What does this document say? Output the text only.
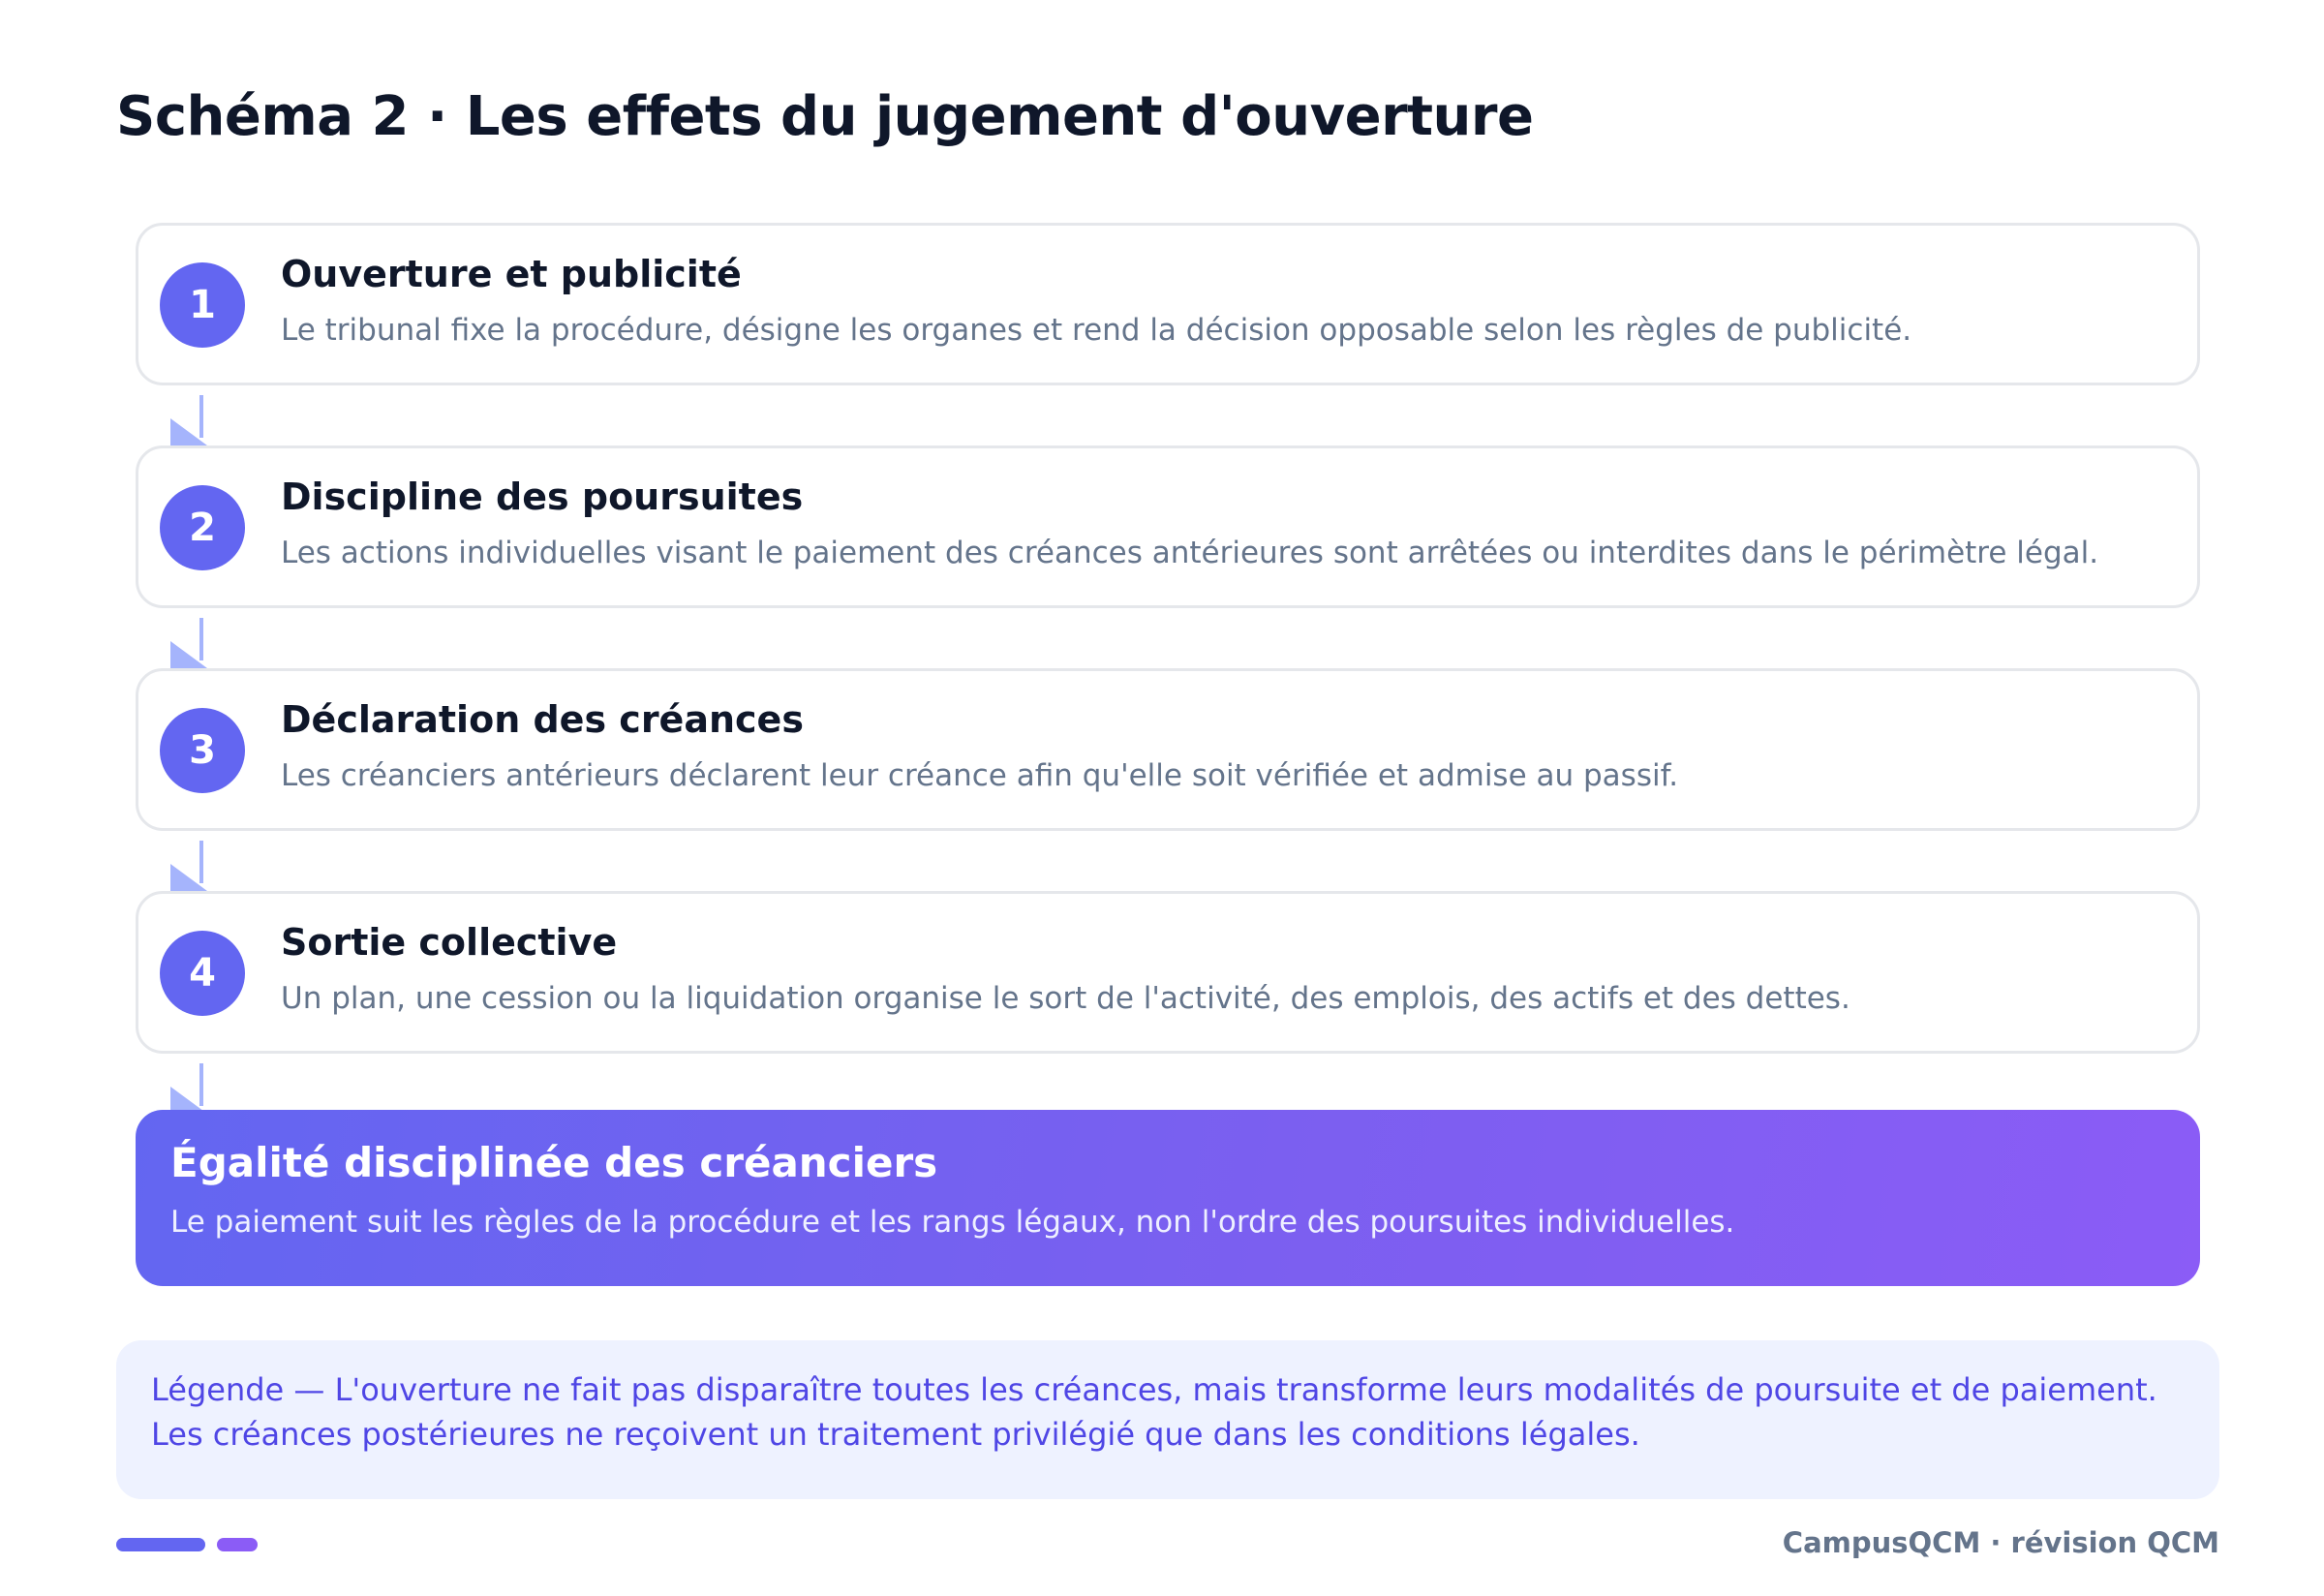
Schéma 2 · Les effets du jugement d'ouverture
1
Ouverture et publicité
Le tribunal fixe la procédure, désigne les organes et rend la décision opposable selon les règles de publicité.
2
Discipline des poursuites
Les actions individuelles visant le paiement des créances antérieures sont arrêtées ou interdites dans le périmètre légal.
3
Déclaration des créances
Les créanciers antérieurs déclarent leur créance afin qu'elle soit vérifiée et admise au passif.
4
Sortie collective
Un plan, une cession ou la liquidation organise le sort de l'activité, des emplois, des actifs et des dettes.
Égalité disciplinée des créanciers
Le paiement suit les règles de la procédure et les rangs légaux, non l'ordre des poursuites individuelles.
Légende — L'ouverture ne fait pas disparaître toutes les créances, mais transforme leurs modalités de poursuite et de paiement.
Les créances postérieures ne reçoivent un traitement privilégié que dans les conditions légales.
CampusQCM · révision QCM
